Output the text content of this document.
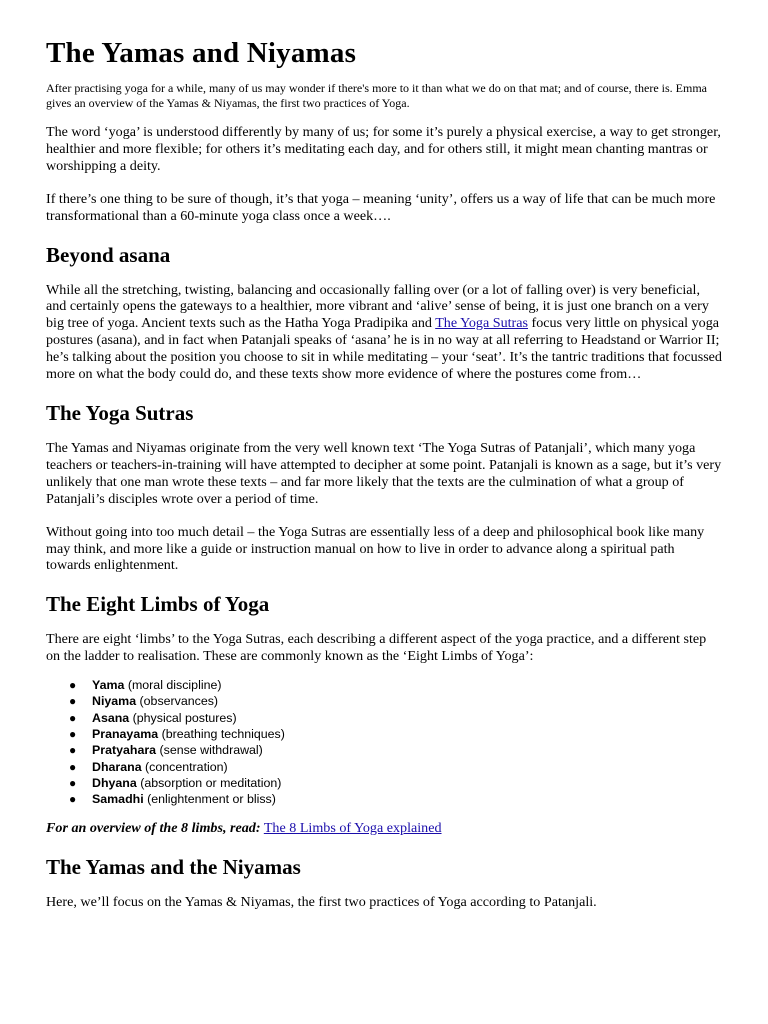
The Yamas and Niyamas

After practising yoga for a while, many of us may wonder if there's more to it than what we do on that mat; and of course, there is. Emma gives an overview of the Yamas & Niyamas, the first two practices of Yoga.

The word ‘yoga’ is understood differently by many of us; for some it’s purely a physical exercise, a way to get stronger, healthier and more flexible; for others it’s meditating each day, and for others still, it might mean chanting mantras or worshipping a deity.

If there’s one thing to be sure of though, it’s that yoga – meaning ‘unity’, offers us a way of life that can be much more transformational than a 60-minute yoga class once a week….

Beyond asana

While all the stretching, twisting, balancing and occasionally falling over (or a lot of falling over) is very beneficial, and certainly opens the gateways to a healthier, more vibrant and ‘alive’ sense of being, it is just one branch on a very big tree of yoga. Ancient texts such as the Hatha Yoga Pradipika and The Yoga Sutras focus very little on physical yoga postures (asana), and in fact when Patanjali speaks of ‘asana’ he is in no way at all referring to Headstand or Warrior II; he’s talking about the position you choose to sit in while meditating – your ‘seat’. It’s the tantric traditions that focussed more on what the body could do, and these texts show more evidence of where the postures come from…

The Yoga Sutras

The Yamas and Niyamas originate from the very well known text ‘The Yoga Sutras of Patanjali’, which many yoga teachers or teachers-in-training will have attempted to decipher at some point. Patanjali is known as a sage, but it’s very unlikely that one man wrote these texts – and far more likely that the texts are the culmination of what a group of Patanjali’s disciples wrote over a period of time.

Without going into too much detail – the Yoga Sutras are essentially less of a deep and philosophical book like many may think, and more like a guide or instruction manual on how to live in order to advance along a spiritual path towards enlightenment.

The Eight Limbs of Yoga

There are eight ‘limbs’ to the Yoga Sutras, each describing a different aspect of the yoga practice, and a different step on the ladder to realisation. These are commonly known as the ‘Eight Limbs of Yoga’:

● Yama (moral discipline)
● Niyama (observances)
● Asana (physical postures)
● Pranayama (breathing techniques)
● Pratyahara (sense withdrawal)
● Dharana (concentration)
● Dhyana (absorption or meditation)
● Samadhi (enlightenment or bliss)

For an overview of the 8 limbs, read: The 8 Limbs of Yoga explained

The Yamas and the Niyamas

Here, we’ll focus on the Yamas & Niyamas, the first two practices of Yoga according to Patanjali.
